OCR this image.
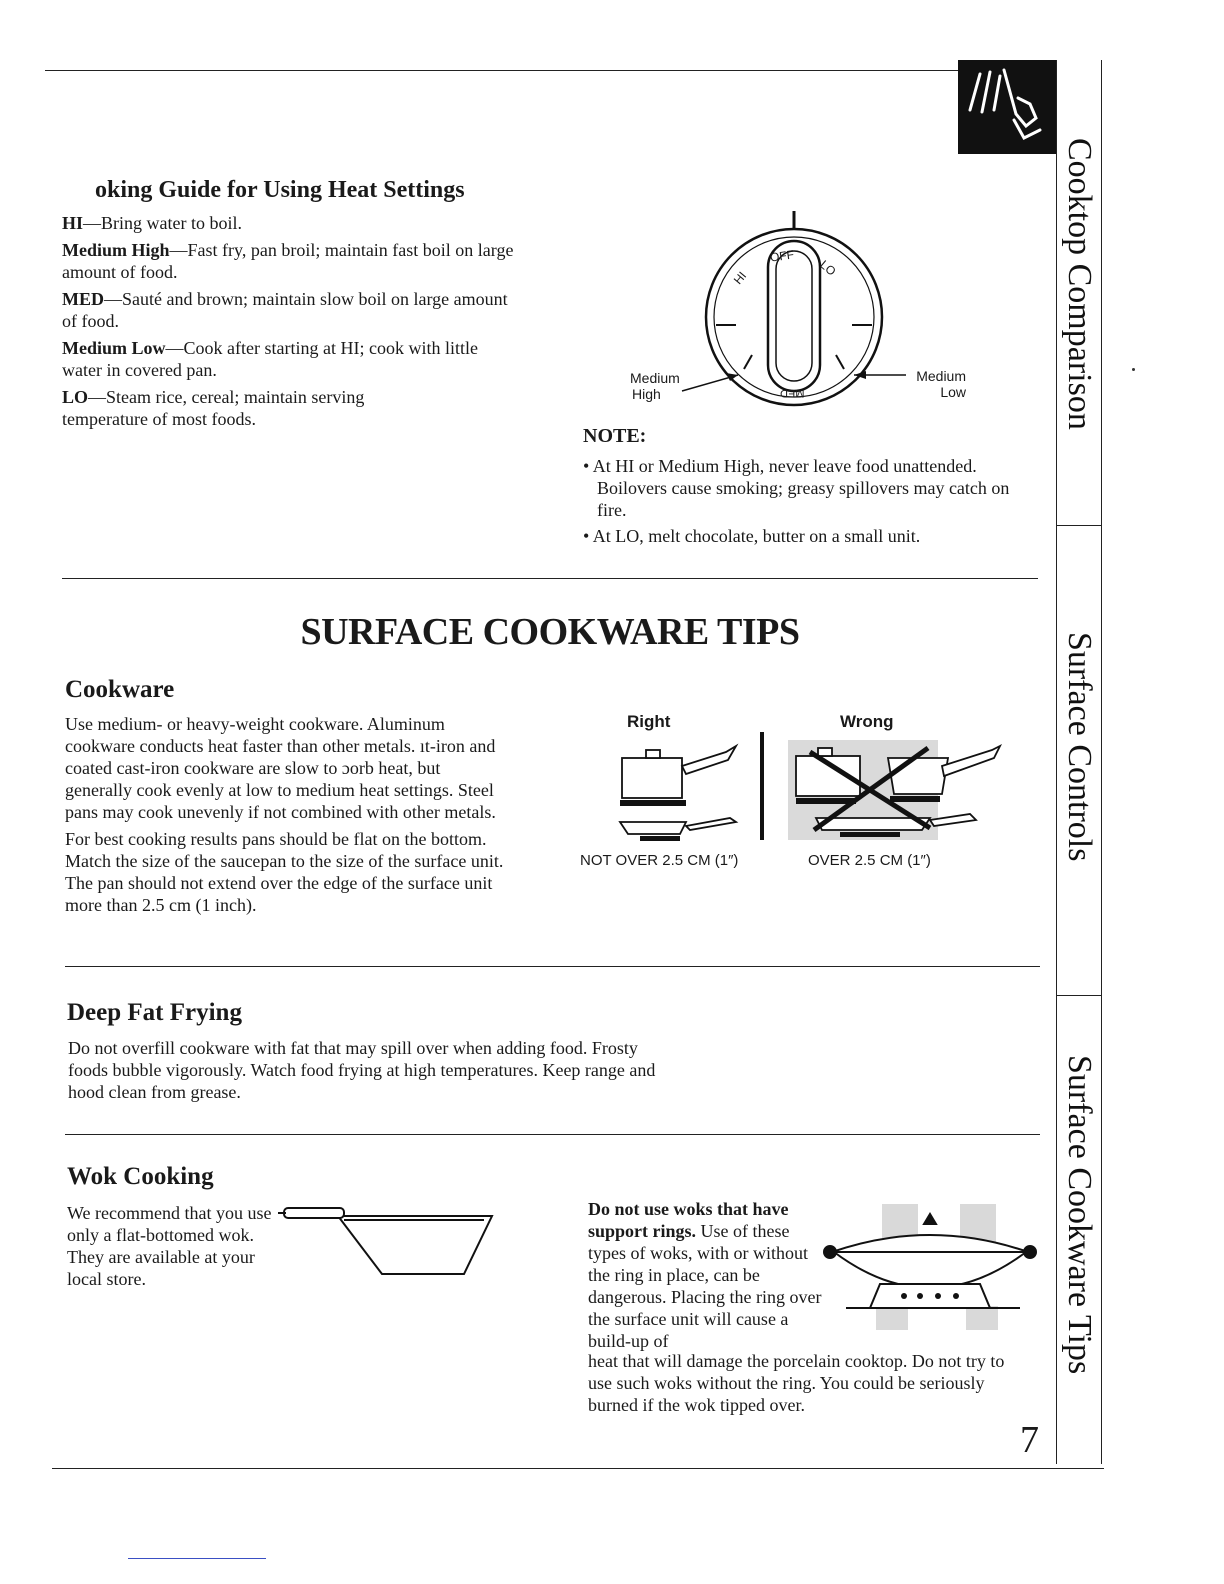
Cooktop Comparison
Surface Controls
Surface Cookware Tips
oking Guide for Using Heat Settings

HI—Bring water to boil.

Medium High—Fast fry, pan broil; maintain fast boil on large amount of food.

MED—Sauté and brown; maintain slow boil on large amount of food.

Medium Low—Cook after starting at HI; cook with little water in covered pan.

LO—Steam rice, cereal; maintain serving temperature of most foods.

OFF
LO
HI
MED
Medium
High
Medium
Low
NOTE:
• At HI or Medium High, never leave food unattended. Boilovers cause smoking; greasy spillovers may catch on fire.
• At LO, melt chocolate, butter on a small unit.
SURFACE COOKWARE TIPS
Cookware

Use medium- or heavy-weight cookware. Aluminum cookware conducts heat faster than other metals. ıt-iron and coated cast-iron cookware are slow to ɔorb heat, but generally cook evenly at low to medium heat settings. Steel pans may cook unevenly if not combined with other metals.

For best cooking results pans should be flat on the bottom. Match the size of the saucepan to the size of the surface unit. The pan should not extend over the edge of the surface unit more than 2.5 cm (1 inch).

Right	Wrong
NOT OVER 2.5 CM (1″)	OVER 2.5 CM (1″)
Deep Fat Frying
Do not overfill cookware with fat that may spill over when adding food. Frosty foods bubble vigorously. Watch food frying at high temperatures. Keep range and hood clean from grease.
Wok Cooking
We recommend that you use only a flat-bottomed wok. They are available at your local store.
Do not use woks that have support rings. Use of these types of woks, with or without the ring in place, can be dangerous. Placing the ring over the surface unit will cause a build-up of
heat that will damage the porcelain cooktop. Do not try to use such woks without the ring. You could be seriously burned if the wok tipped over.
7
